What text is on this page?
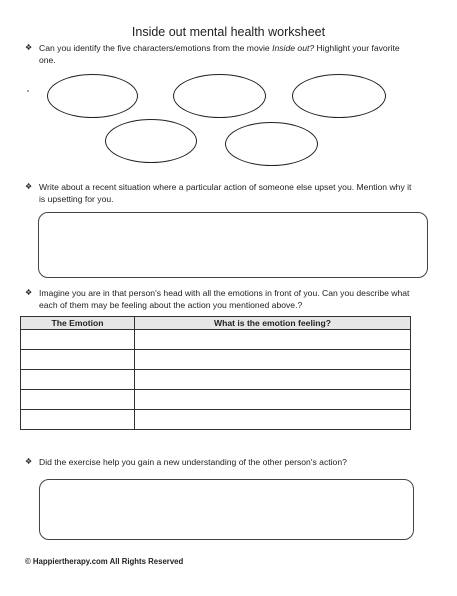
Inside out mental health worksheet
❖ Can you identify the five characters/emotions from the movie Inside out? Highlight your favorite one.
❖ Write about a recent situation where a particular action of someone else upset you. Mention why it is upsetting for you.
❖ Imagine you are in that person's head with all the emotions in front of you. Can you describe what each of them may be feeling about the action you mentioned above.?
The Emotion	What is the emotion feeling?

❖ Did the exercise help you gain a new understanding of the other person's action?
© Happiertherapy.com All Rights Reserved
